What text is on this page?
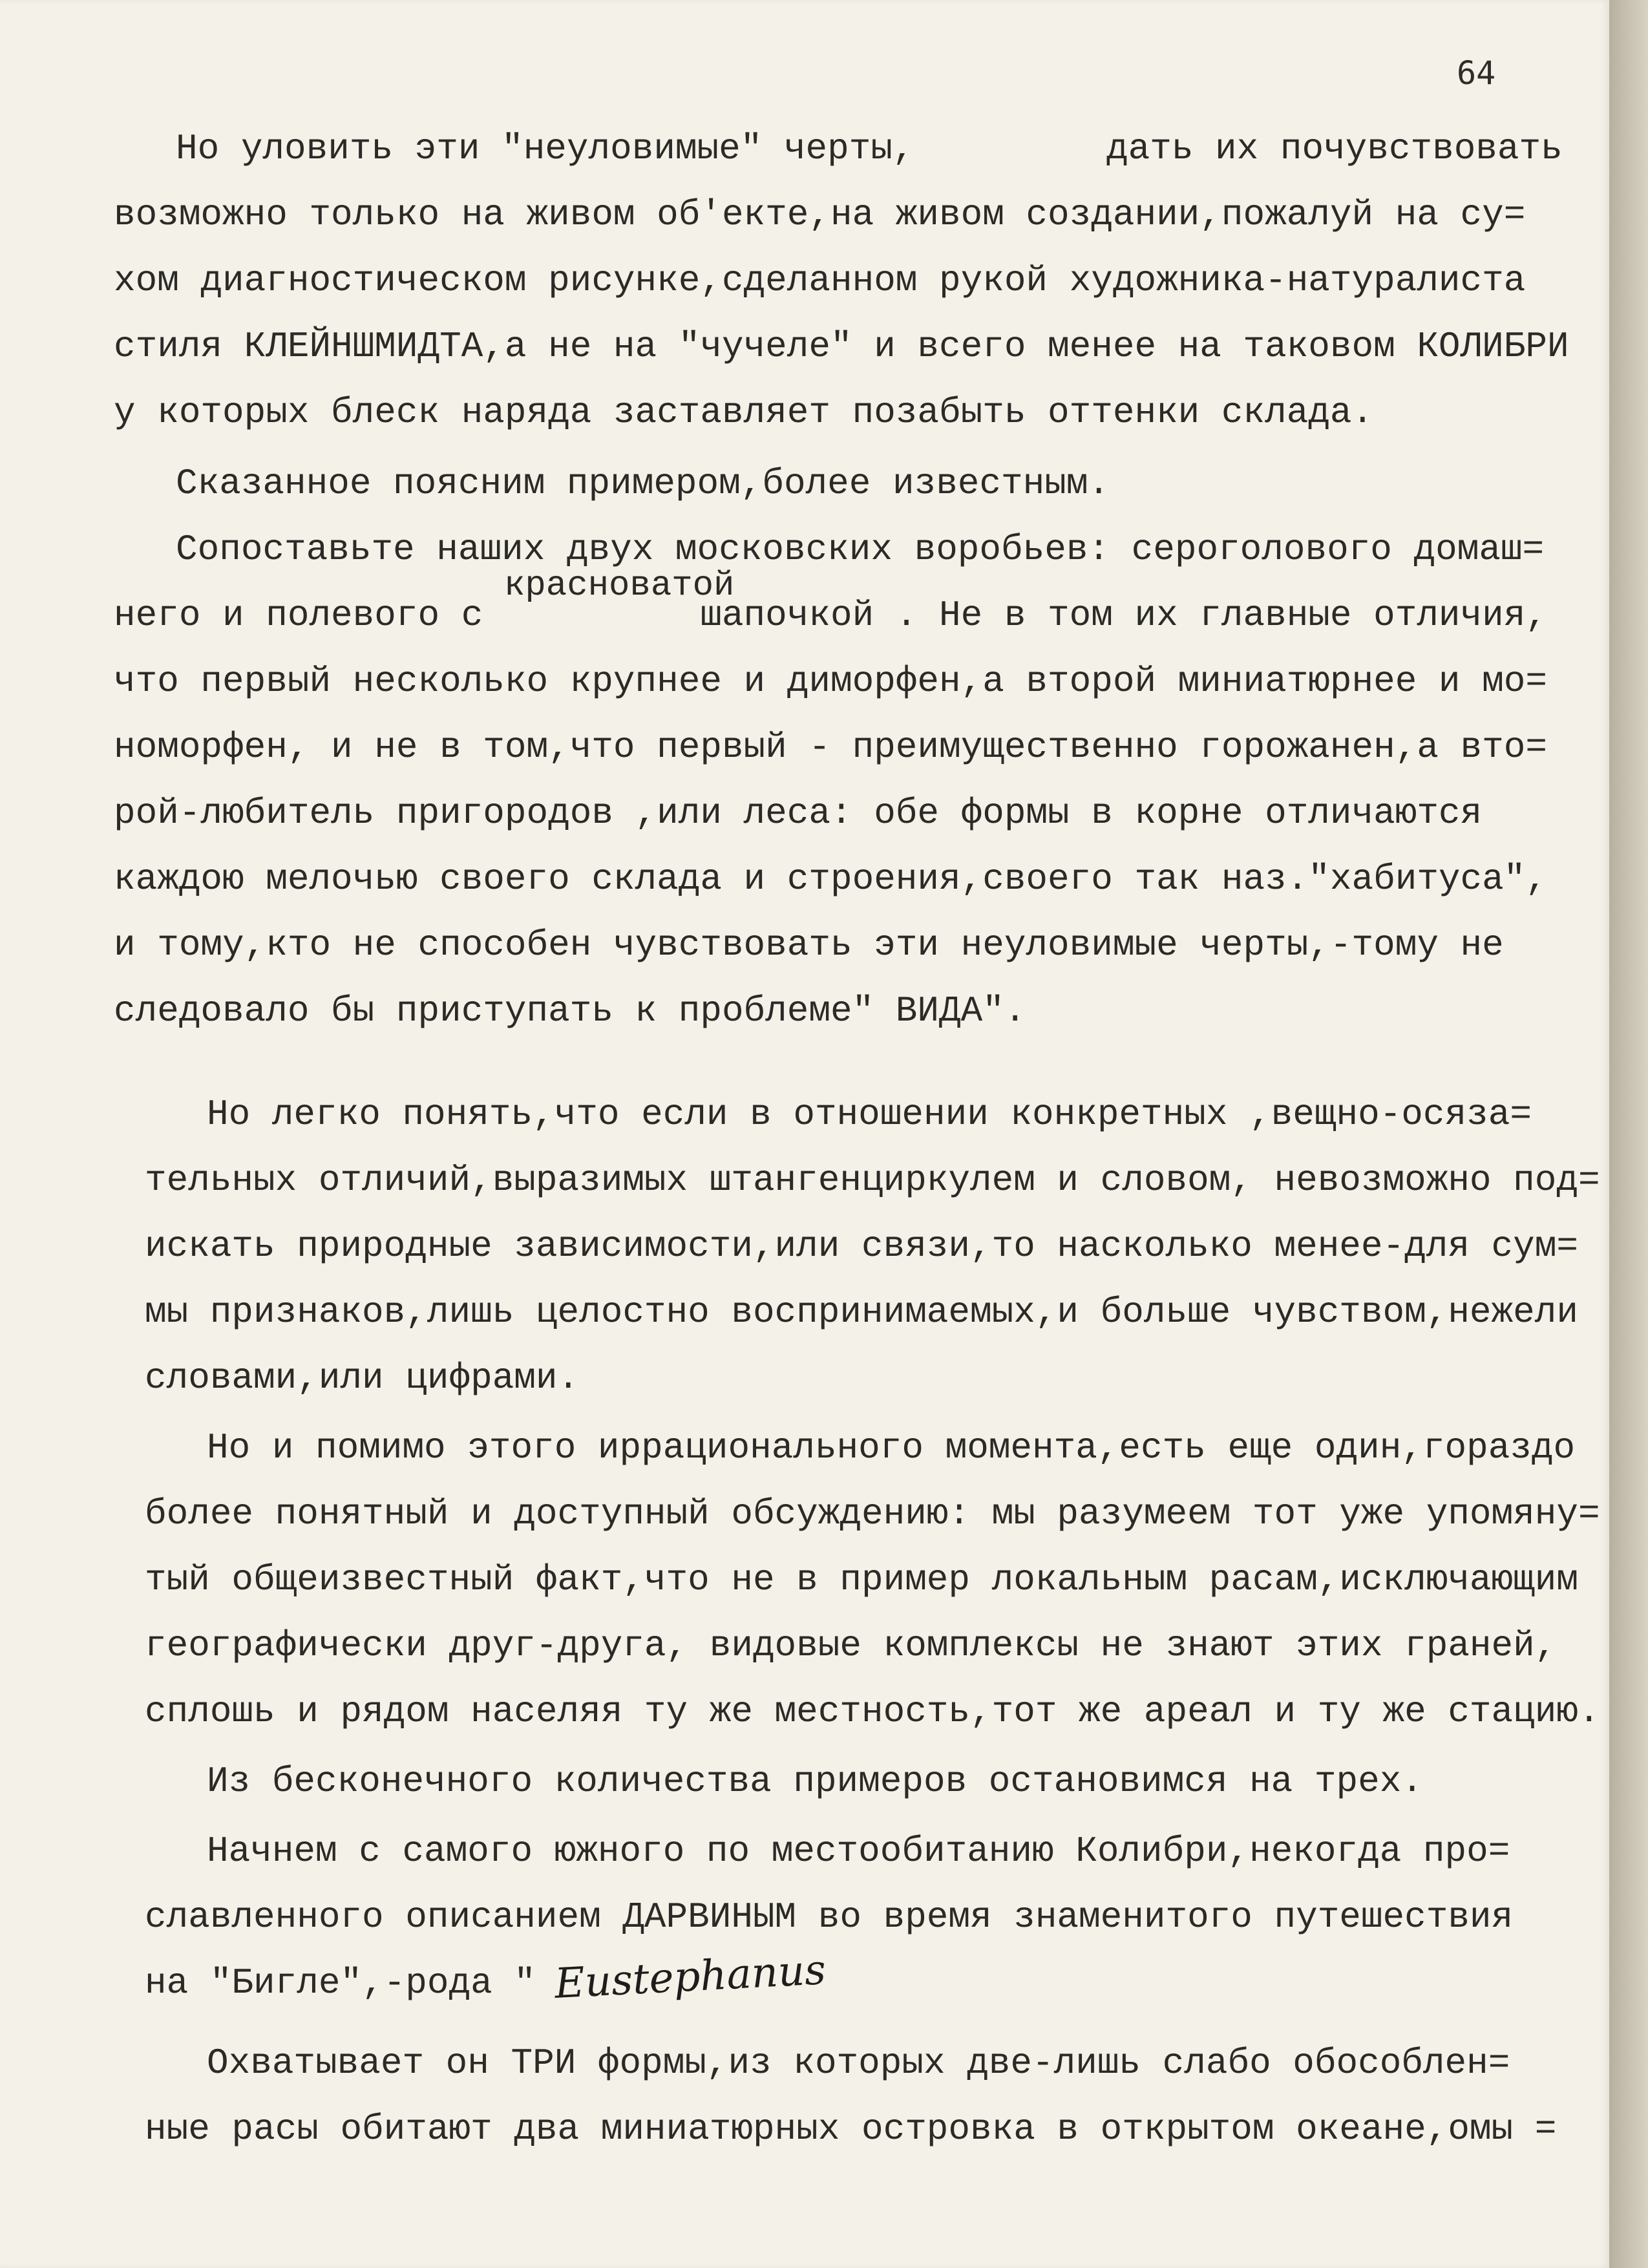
64
Но уловить эти "неуловимые" черты,	дать их почувствовать
возможно только на живом об'екте,на живом создании,пожалуй на су=
хом диагностическом рисунке,сделанном рукой художника-натуралиста
стиля КЛЕЙНШМИДТА,а не на "чучеле" и всего менее на таковом КОЛИБРИ
у которых блеск наряда заставляет позабыть оттенки склада.
Сказанное поясним примером,более известным.
Сопоставьте наших двух московских воробьев: сероголового домаш=
красноватой
него и полевого с          шапочкой . Не в том их главные отличия,
что первый несколько крупнее и диморфен,а второй миниатюрнее и мо=
номорфен, и не в том,что первый - преимущественно горожанен,а вто=
рой-любитель пригородов ,или леса: обе формы в корне отличаются
каждою мелочью своего склада и строения,своего так наз."хабитуса",
и тому,кто не способен чувствовать эти неуловимые черты,-тому не
следовало бы приступать к проблеме" ВИДА".
Но легко понять,что если в отношении конкретных ,вещно-осяза=
тельных отличий,выразимых штангенциркулем и словом, невозможно под=
искать природные зависимости,или связи,то насколько менее-для сум=
мы признаков,лишь целостно воспринимаемых,и больше чувством,нежели
словами,или цифрами.
Но и помимо этого иррационального момента,есть еще один,гораздо
более понятный и доступный обсуждению: мы разумеем тот уже упомяну=
тый общеизвестный факт,что не в пример локальным расам,исключающим
географически друг-друга, видовые комплексы не знают этих граней,
сплошь и рядом населяя ту же местность,тот же ареал и ту же стацию.
Из бесконечного количества примеров остановимся на трех.
Начнем с самого южного по местообитанию Колибри,некогда про=
славленного описанием ДАРВИНЫМ во время знаменитого путешествия
на "Бигле",-рода " Eustephanus
Охватывает он ТРИ формы,из которых две-лишь слабо обособлен=
ные расы обитают два миниатюрных островка в открытом океане,омы =
